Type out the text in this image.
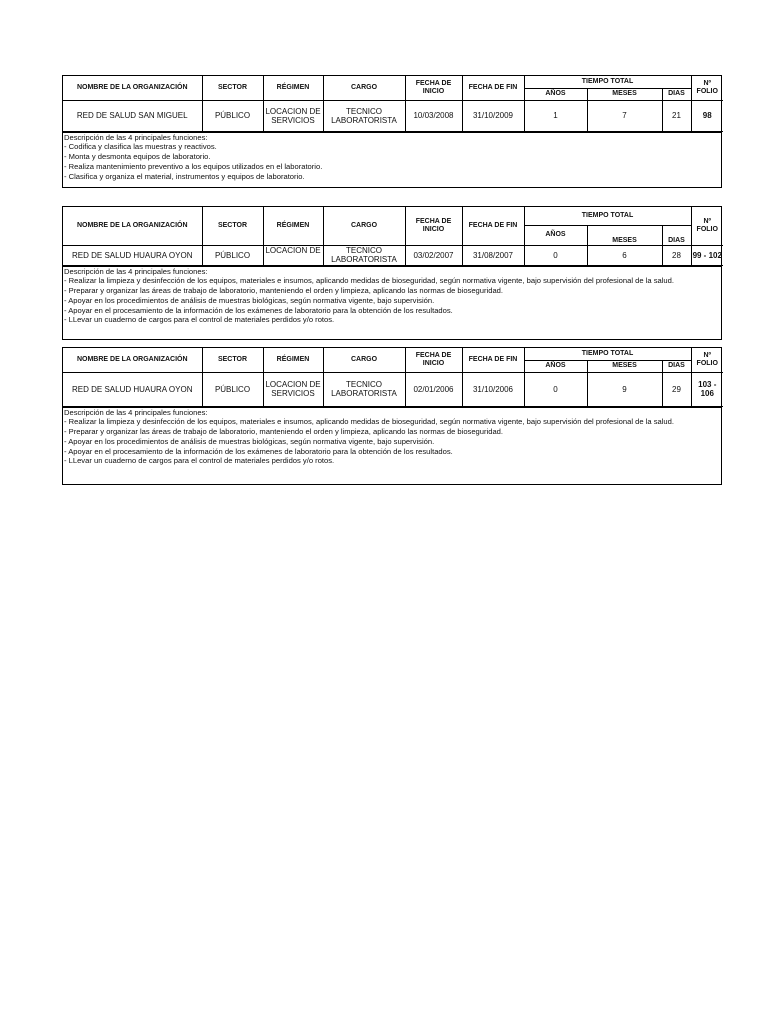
NOMBRE DE LA ORGANIZACIÓN	SECTOR	RÉGIMEN	CARGO	FECHA DE INICIO	FECHA DE FIN	TIEMPO TOTAL			Nº FOLIO
						AÑOS	MESES	DIAS	
RED DE SALUD SAN MIGUEL	PÚBLICO	LOCACION DE SERVICIOS	TECNICO LABORATORISTA	10/03/2008	31/10/2009	1	7	21	98
Descripción de las 4 principales funciones:
- Codifica y clasifica las muestras y reactivos.
- Monta y desmonta equipos de laboratorio.
- Realiza mantenimiento preventivo a los equipos utilizados en el laboratorio.
- Clasifica y organiza el material, instrumentos y equipos de laboratorio.
NOMBRE DE LA ORGANIZACIÓN	SECTOR	RÉGIMEN	CARGO	FECHA DE INICIO	FECHA DE FIN	TIEMPO TOTAL			Nº FOLIO
						AÑOS	MESES	DIAS	
RED DE SALUD HUAURA OYON	PÚBLICO	LOCACION DE	TECNICO LABORATORISTA	03/02/2007	31/08/2007	0	6	28	99 - 102
Descripción de las 4 principales funciones:
- Realizar la limpieza y desinfección de los equipos, materiales e insumos, aplicando medidas de bioseguridad, según normativa vigente, bajo supervisión del profesional de la salud.
- Preparar y organizar las áreas de trabajo de laboratorio, manteniendo el orden y limpieza, aplicando las normas de bioseguridad.
- Apoyar en los procedimientos de análisis de muestras biológicas, según normativa vigente, bajo supervisión.
- Apoyar en el procesamiento de la información de los exámenes de laboratorio para la obtención de los resultados.
- LLevar un cuaderno de cargos para el control de materiales perdidos y/o rotos.
NOMBRE DE LA ORGANIZACIÓN	SECTOR	RÉGIMEN	CARGO	FECHA DE INICIO	FECHA DE FIN	TIEMPO TOTAL			Nº FOLIO
						AÑOS	MESES	DIAS	
RED DE SALUD HUAURA OYON	PÚBLICO	LOCACION DE SERVICIOS	TECNICO LABORATORISTA	02/01/2006	31/10/2006	0	9	29	103 - 106
Descripción de las 4 principales funciones:
- Realizar la limpieza y desinfección de los equipos, materiales e insumos, aplicando medidas de bioseguridad, según normativa vigente, bajo supervisión del profesional de la salud.
- Preparar y organizar las áreas de trabajo de laboratorio, manteniendo el orden y limpieza, aplicando las normas de bioseguridad.
- Apoyar en los procedimientos de análisis de muestras biológicas, según normativa vigente, bajo supervisión.
- Apoyar en el procesamiento de la información de los exámenes de laboratorio para la obtención de los resultados.
- LLevar un cuaderno de cargos para el control de materiales perdidos y/o rotos.
